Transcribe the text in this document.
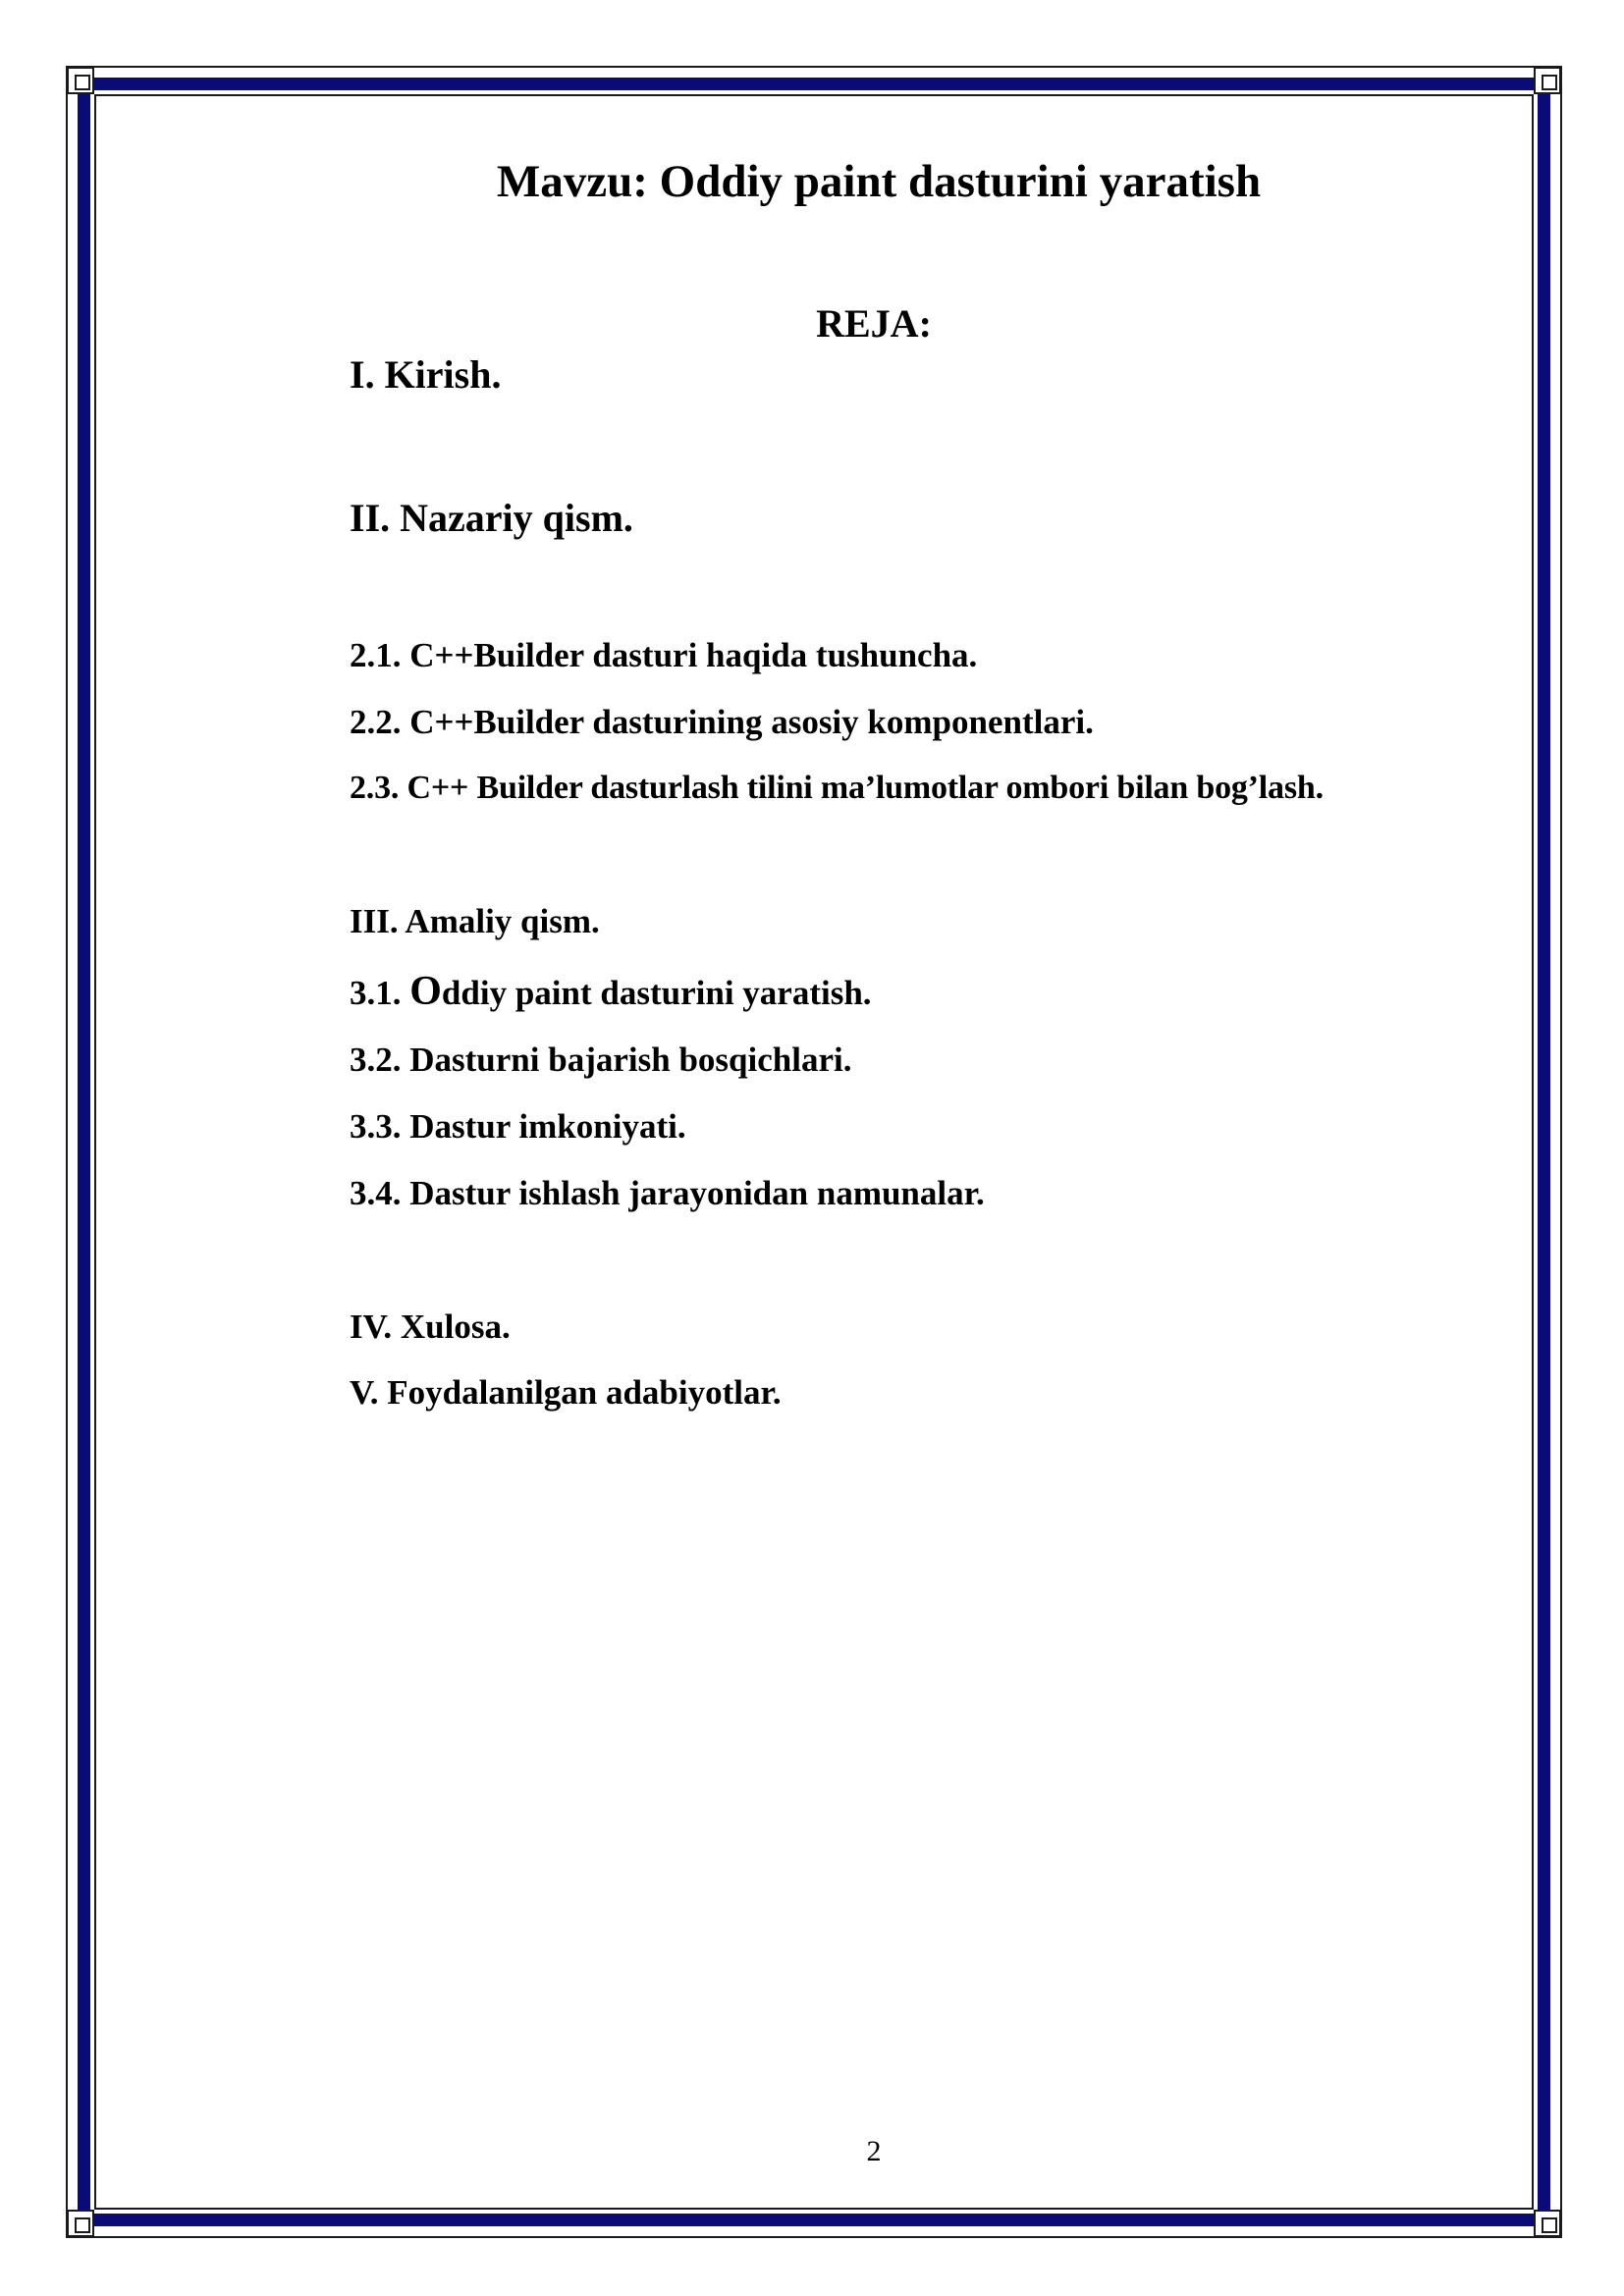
Mavzu: Oddiy paint dasturini yaratish
REJA:

I. Kirish.

II. Nazariy qism.

2.1. C++Builder dasturi haqida tushuncha.

2.2. C++Builder dasturining asosiy komponentlari.

2.3. C++ Builder dasturlash tilini ma’lumotlar ombori bilan bog’lash.

III. Amaliy qism.

3.1. Oddiy paint dasturini yaratish.

3.2. Dasturni bajarish bosqichlari.

3.3. Dastur imkoniyati.

3.4. Dastur ishlash jarayonidan namunalar.

IV. Xulosa.

V. Foydalanilgan adabiyotlar.

2
